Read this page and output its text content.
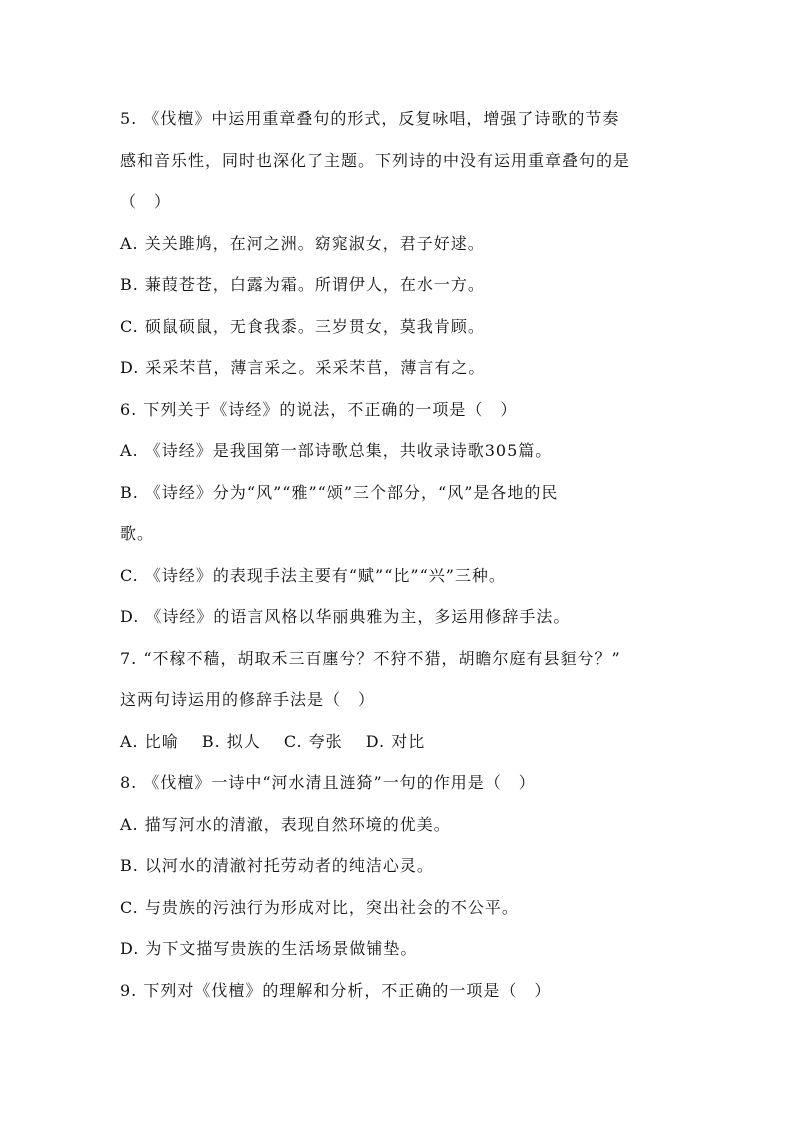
5. 《伐檀》中运用重章叠句的形式，反复咏唱，增强了诗歌的节奏
感和音乐性，同时也深化了主题。下列诗的中没有运用重章叠句的是
（　）
A. 关关雎鸠，在河之洲。窈窕淑女，君子好逑。
B. 蒹葭苍苍，白露为霜。所谓伊人，在水一方。
C. 硕鼠硕鼠，无食我黍。三岁贯女，莫我肯顾。
D. 采采芣苢，薄言采之。采采芣苢，薄言有之。
6. 下列关于《诗经》的说法，不正确的一项是（　）
A. 《诗经》是我国第一部诗歌总集，共收录诗歌305篇。
B. 《诗经》分为“风”“雅”“颂”三个部分，“风”是各地的民
歌。
C. 《诗经》的表现手法主要有“赋”“比”“兴”三种。
D. 《诗经》的语言风格以华丽典雅为主，多运用修辞手法。
7. “不稼不穑，胡取禾三百廛兮？不狩不猎，胡瞻尔庭有县貆兮？”
这两句诗运用的修辞手法是（　）
A. 比喻　 B. 拟人　 C. 夸张　 D. 对比
8. 《伐檀》一诗中“河水清且涟猗”一句的作用是（　）
A. 描写河水的清澈，表现自然环境的优美。
B. 以河水的清澈衬托劳动者的纯洁心灵。
C. 与贵族的污浊行为形成对比，突出社会的不公平。
D. 为下文描写贵族的生活场景做铺垫。
9. 下列对《伐檀》的理解和分析，不正确的一项是（　）
